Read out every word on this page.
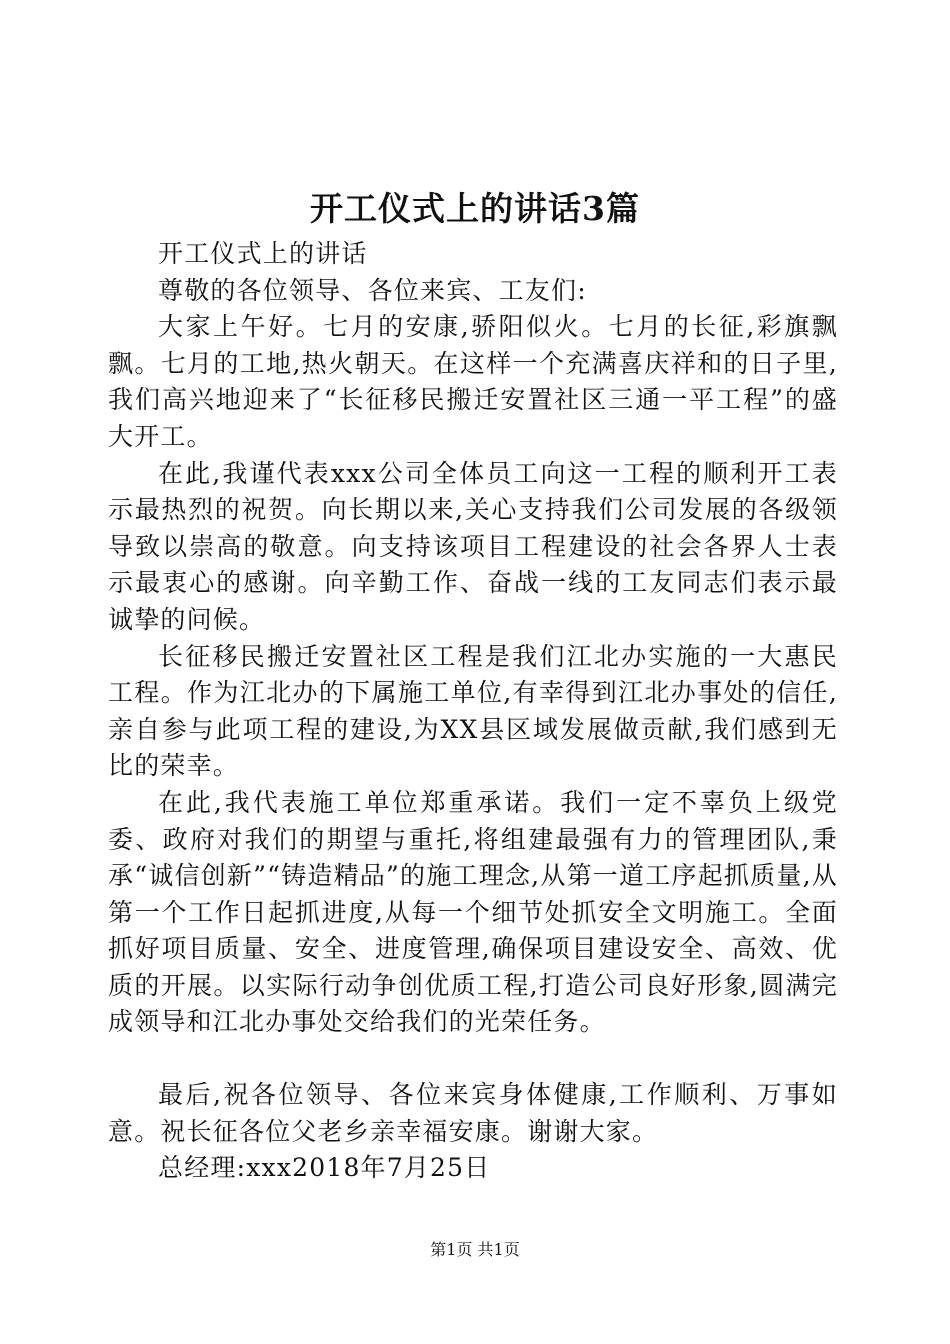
开工仪式上的讲话3篇

开工仪式上的讲话

尊敬的各位领导、各位来宾、工友们:

大家上午好。七月的安康,骄阳似火。七月的长征,彩旗飘飘。七月的工地,热火朝天。在这样一个充满喜庆祥和的日子里,我们高兴地迎来了“长征移民搬迁安置社区三通一平工程”的盛大开工。

在此,我谨代表xxx公司全体员工向这一工程的顺利开工表示最热烈的祝贺。向长期以来,关心支持我们公司发展的各级领导致以崇高的敬意。向支持该项目工程建设的社会各界人士表示最衷心的感谢。向辛勤工作、奋战一线的工友同志们表示最诚挚的问候。

长征移民搬迁安置社区工程是我们江北办实施的一大惠民工程。作为江北办的下属施工单位,有幸得到江北办事处的信任,亲自参与此项工程的建设,为XX县区域发展做贡献,我们感到无比的荣幸。

在此,我代表施工单位郑重承诺。我们一定不辜负上级党委、政府对我们的期望与重托,将组建最强有力的管理团队,秉承“诚信创新”“铸造精品”的施工理念,从第一道工序起抓质量,从第一个工作日起抓进度,从每一个细节处抓安全文明施工。全面抓好项目质量、安全、进度管理,确保项目建设安全、高效、优质的开展。以实际行动争创优质工程,打造公司良好形象,圆满完成领导和江北办事处交给我们的光荣任务。

最后,祝各位领导、各位来宾身体健康,工作顺利、万事如意。祝长征各位父老乡亲幸福安康。谢谢大家。

总经理:xxx2018年7月25日

第1页 共1页
